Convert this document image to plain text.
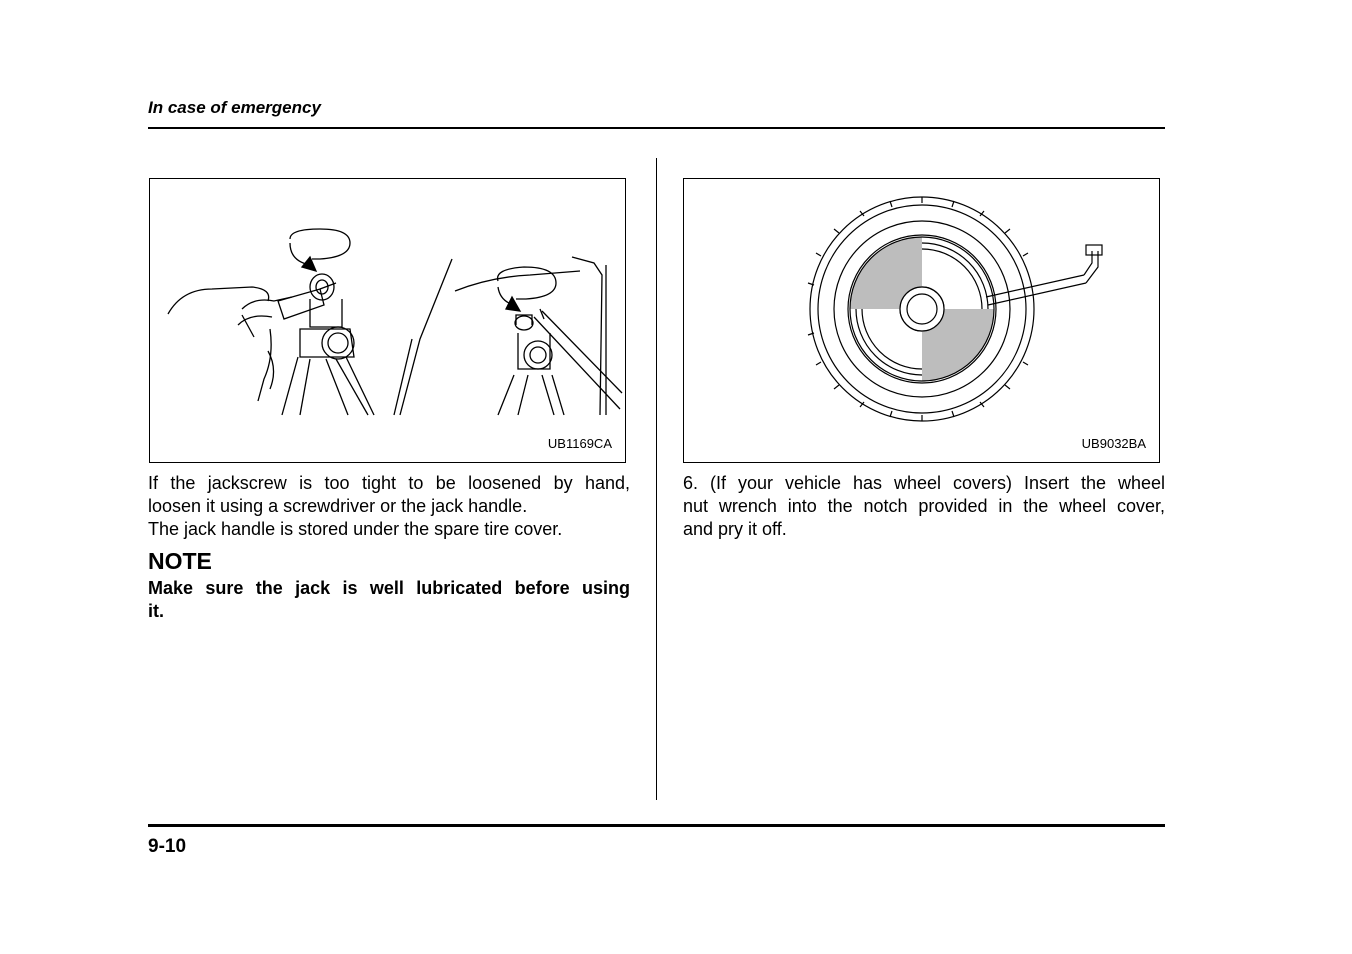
In case of emergency
UB1169CA	UB9032BA
If the jackscrew is too tight to be loosened by hand,
loosen it using a screwdriver or the jack handle.
The jack handle is stored under the spare tire cover.
NOTE
Make sure the jack is well lubricated before using
it.
6. (If your vehicle has wheel covers) Insert the wheel
nut wrench into the notch provided in the wheel cover,
and pry it off.
9-10
